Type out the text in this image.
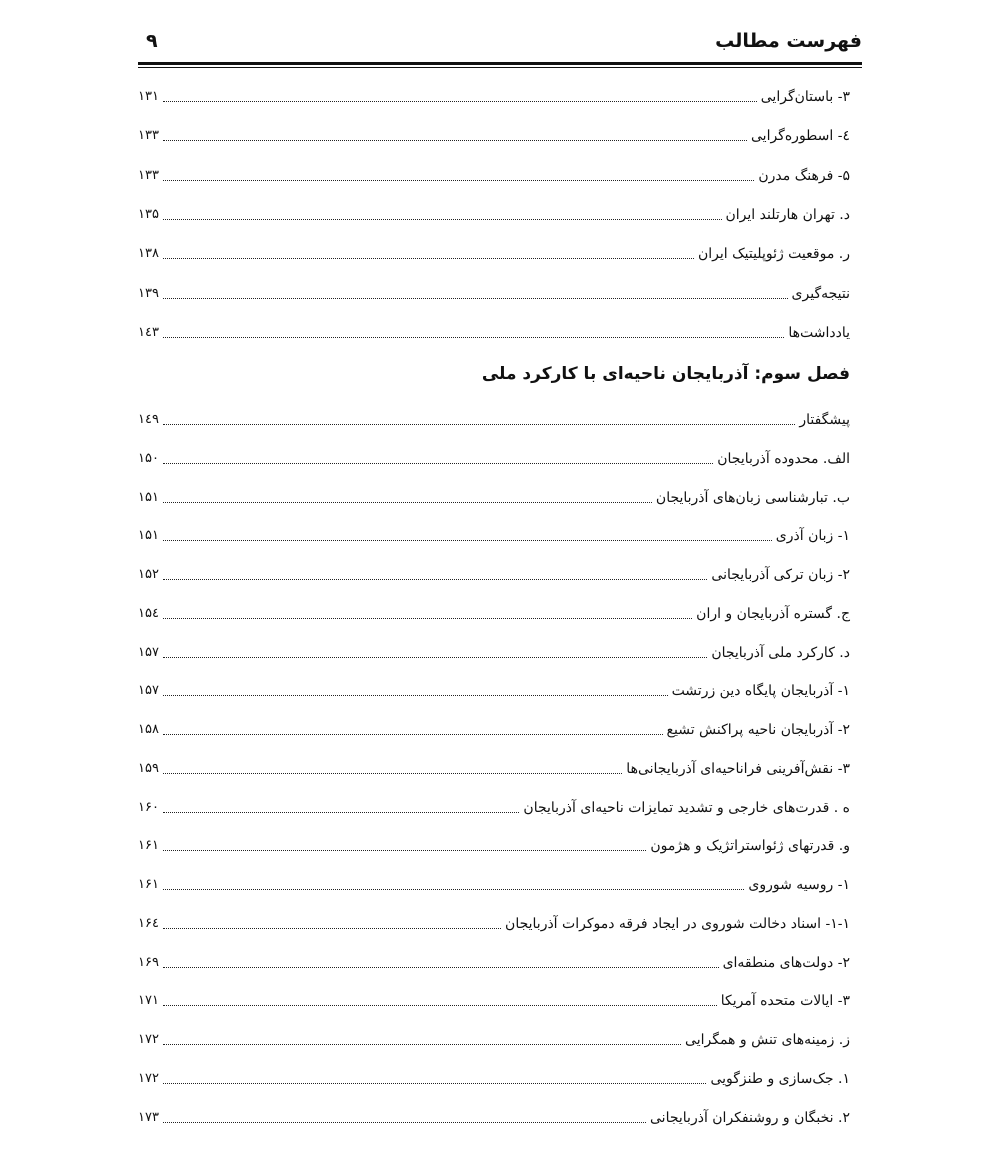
فهرست مطالب
۹
۳- باستان‌گرایی
۱۳۱
٤- اسطوره‌گرایی
۱۳۳
۵- فرهنگ مدرن
۱۳۳
د. تهران هارتلند ایران
۱۳۵
ر. موقعیت ژئوپلیتیک ایران
۱۳۸
نتیجه‌گیری
۱۳۹
یادداشت‌ها
۱٤۳
فصل سوم: آذربایجان ناحیه‌ای با کارکرد ملی
پیشگفتار
۱٤۹
الف. محدوده آذربایجان
۱۵۰
ب. تبارشناسی زبان‌های آذربایجان
۱۵۱
۱- زبان آذری
۱۵۱
۲- زبان ترکی آذربایجانی
۱۵۲
ج. گستره آذربایجان و اران
۱۵٤
د. کارکرد ملی آذربایجان
۱۵۷
۱- آذربایجان پایگاه دین زرتشت
۱۵۷
۲- آذربایجان ناحیه پراکنش تشیع
۱۵۸
۳- نقش‌آفرینی فراناحیه‌ای آذربایجانی‌ها
۱۵۹
ه . قدرت‌های خارجی و تشدید تمایزات ناحیه‌ای آذربایجان
۱۶۰
و. قدرتهای ژئواستراتژیک و هژمون
۱۶۱
۱- روسیه شوروی
۱۶۱
۱-۱- اسناد دخالت شوروی در ایجاد فرقه دموکرات آذربایجان
۱۶٤
۲- دولت‌های منطقه‌ای
۱۶۹
۳- ایالات متحده آمریکا
۱۷۱
ز. زمینه‌های تنش و همگرایی
۱۷۲
۱. جک‌سازی و طنزگویی
۱۷۲
۲. نخبگان و روشنفکران آذربایجانی
۱۷۳
